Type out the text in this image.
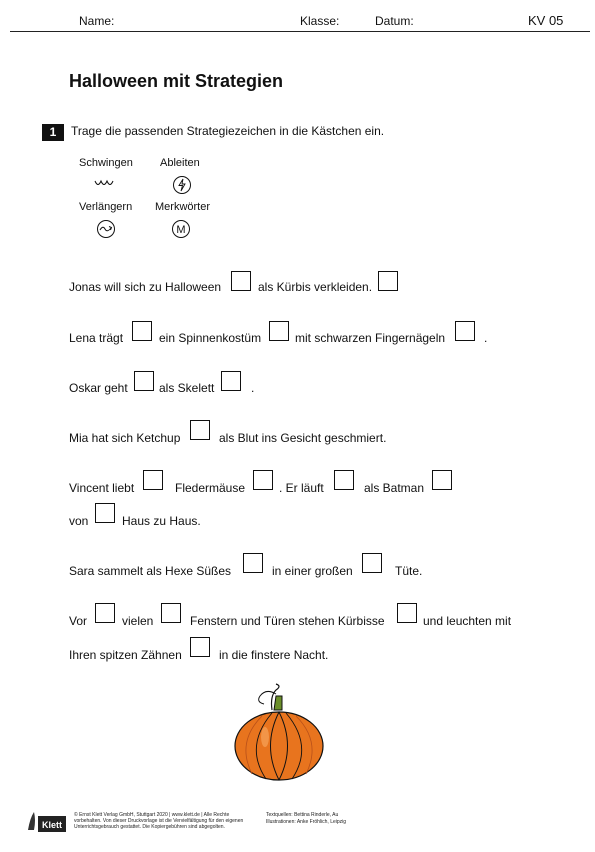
Name:	Klasse:	Datum:	KV 05
Halloween mit Strategien
1	Trage die passenden Strategiezeichen in die Kästchen ein.
Schwingen Ableiten
Verlängern Merkwörter
M
Jonas will sich zu Halloween	als Kürbis verkleiden.
Lena trägt	ein Spinnenkostüm	mit schwarzen Fingernägeln	.
Oskar geht	als Skelett	.
Mia hat sich Ketchup	als Blut ins Gesicht geschmiert.
Vincent liebt	Fledermäuse	. Er läuft	als Batman
von	Haus zu Haus.
Sara sammelt als Hexe Süßes	in einer großen	Tüte.
Vor	vielen	Fenstern und Türen stehen Kürbisse	und leuchten mit
Ihren spitzen Zähnen	in die finstere Nacht.
Klett
© Ernst Klett Verlag GmbH, Stuttgart 2020 | www.klett.de | Alle Rechte vorbehalten. Von dieser Druckvorlage ist die Vervielfältigung für den eigenen Unterrichtsgebrauch gestattet. Die Kopiergebühren sind abgegolten.
Textquellen: Bettina Rinderle, Au
Illustrationen: Anke Fröhlich, Leipzig
